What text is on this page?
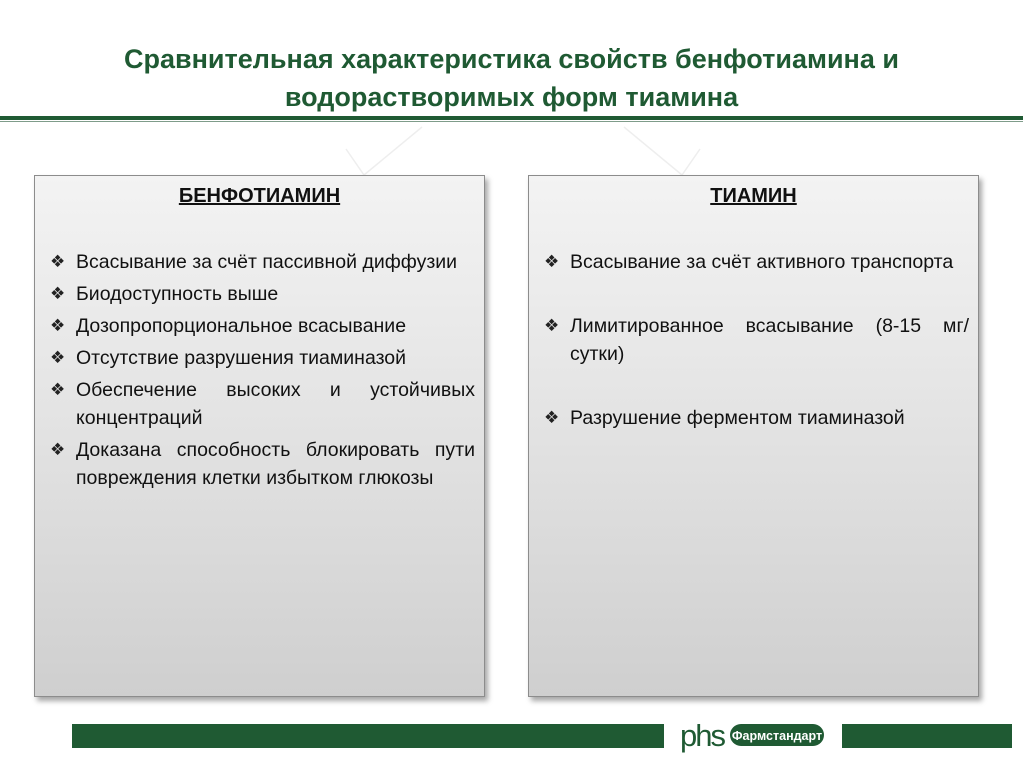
Сравнительная характеристика свойств бенфотиамина и
водорастворимых форм тиамина
БЕНФОТИАМИН
❖ Всасывание за счёт пассивной диффузии
❖ Биодоступность выше
❖ Дозопропорциональное всасывание
❖ Отсутствие разрушения тиаминазой
❖ Обеспечение высоких и устойчивых концентраций
❖ Доказана способность блокировать пути повреждения клетки избытком глюкозы
ТИАМИН
❖ Всасывание за счёт активного транспорта
❖ Лимитированное всасывание (8-15 мг/сутки)
❖ Разрушение ферментом тиаминазой
phs Фармстандарт
